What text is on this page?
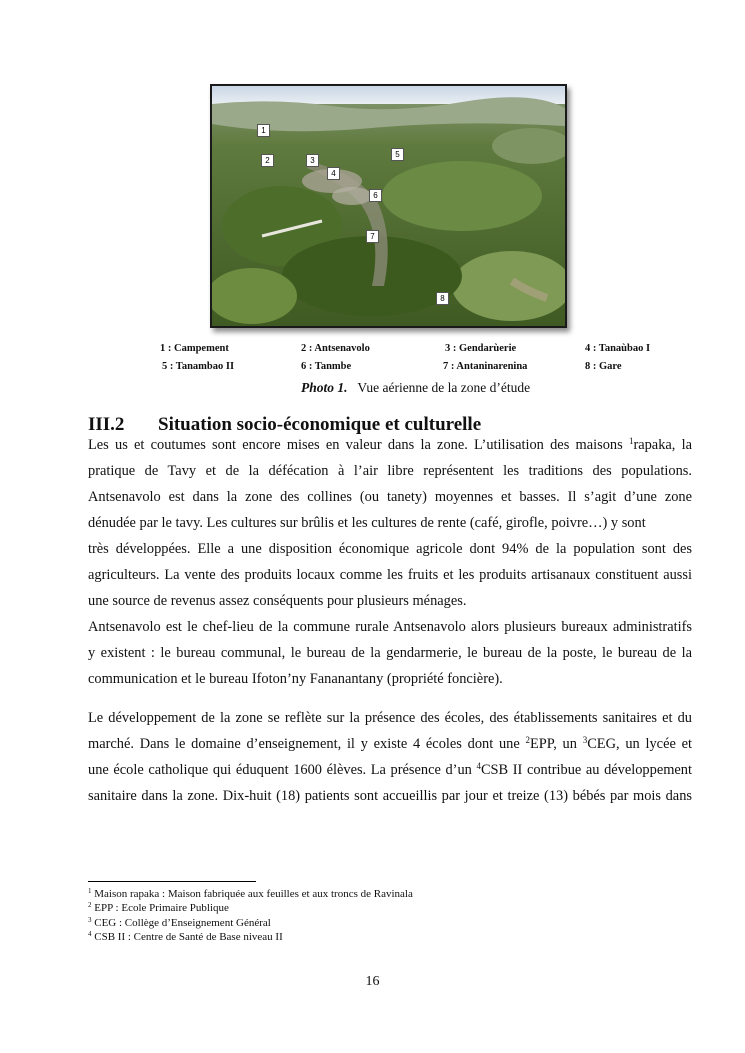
1
2	3
4
5
6
7
8
1 : Campement	2 : Antsenavolo	3 : Gendarùerie	4 : Tanaùbao I
5 : Tanambao II	6 : Tanmbe	7 : Antaninarenina	8 : Gare
Photo 1. Vue aérienne de la zone d’étude
III.2 Situation socio-économique et culturelle
Les us et coutumes sont encore mises en valeur dans la zone. L’utilisation des maisons $^1$rapaka, la
pratique de Tavy et de la défécation à l’air libre représentent les traditions des populations.
Antsenavolo est dans la zone des collines (ou tanety) moyennes et basses. Il s’agit d’une zone
dénudée par le tavy. Les cultures sur brûlis et les cultures de rente (café, girofle, poivre…) y sont
très développées. Elle a une disposition économique agricole dont 94% de la population sont des
agriculteurs. La vente des produits locaux comme les fruits et les produits artisanaux constituent aussi
une source de revenus assez conséquents pour plusieurs ménages.
Antsenavolo est le chef-lieu de la commune rurale Antsenavolo alors plusieurs bureaux administratifs
y existent : le bureau communal, le bureau de la gendarmerie, le bureau de la poste, le bureau de la
communication et le bureau Ifoton’ny Fananantany (propriété foncière).
Le développement de la zone se reflète sur la présence des écoles, des établissements sanitaires et du
marché. Dans le domaine d’enseignement, il y existe 4 écoles dont une $^2$EPP, un $^3$CEG, un lycée et
une école catholique qui éduquent 1600 élèves. La présence d’un $^4$CSB II contribue au développement
sanitaire dans la zone. Dix-huit (18) patients sont accueillis par jour et treize (13) bébés par mois dans
$^1$ Maison rapaka : Maison fabriquée aux feuilles et aux troncs de Ravinala
$^2$ EPP : Ecole Primaire Publique
$^3$ CEG : Collège d’Enseignement Général
$^4$ CSB II : Centre de Santé de Base niveau II
16
